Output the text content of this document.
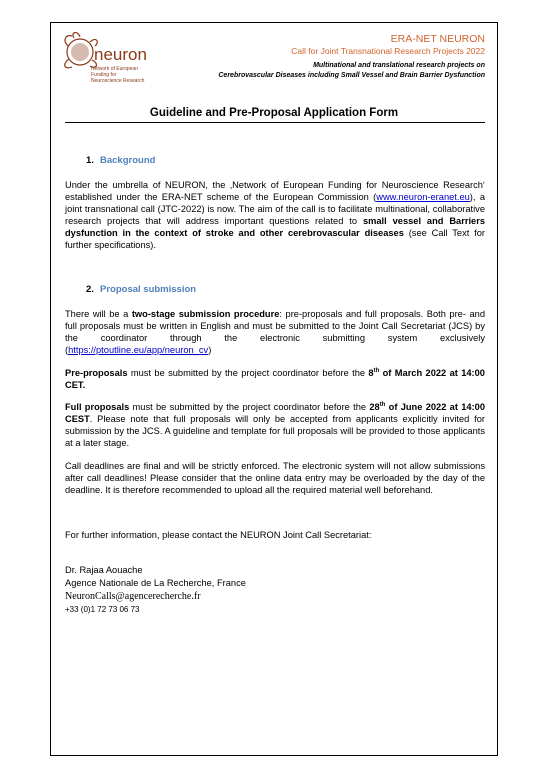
neuron
Network of European
Funding for
Neuroscience Research
ERA-NET NEURON
Call for Joint Transnational Research Projects 2022
Multinational and translational research projects on
Cerebrovascular Diseases including Small Vessel and Brain Barrier Dysfunction
Guideline and Pre-Proposal Application Form
1. Background
Under the umbrella of NEURON, the ‚Network of European Funding for Neuroscience Research‘ established under the ERA-NET scheme of the European Commission (www.neuron-eranet.eu), a joint transnational call (JTC-2022) is now. The aim of the call is to facilitate multinational, collaborative research projects that will address important questions related to small vessel and Barriers dysfunction in the context of stroke and other cerebrovascular diseases (see Call Text for further specifications).
2. Proposal submission
There will be a two-stage submission procedure: pre-proposals and full proposals. Both pre- and full proposals must be written in English and must be submitted to the Joint Call Secretariat (JCS) by the coordinator through the electronic submitting system exclusively (https://ptoutline.eu/app/neuron_cv)
Pre-proposals must be submitted by the project coordinator before the 8th of March 2022 at 14:00 CET.
Full proposals must be submitted by the project coordinator before the 28th of June 2022 at 14:00 CEST. Please note that full proposals will only be accepted from applicants explicitly invited for submission by the JCS. A guideline and template for full proposals will be provided to those applicants at a later stage.
Call deadlines are final and will be strictly enforced. The electronic system will not allow submissions after call deadlines! Please consider that the online data entry may be overloaded by the day of the deadline. It is therefore recommended to upload all the required material well beforehand.
For further information, please contact the NEURON Joint Call Secretariat:
Dr. Rajaa Aouache
Agence Nationale de La Recherche, France
NeuronCalls@agencerecherche.fr
+33 (0)1 72 73 06 73
